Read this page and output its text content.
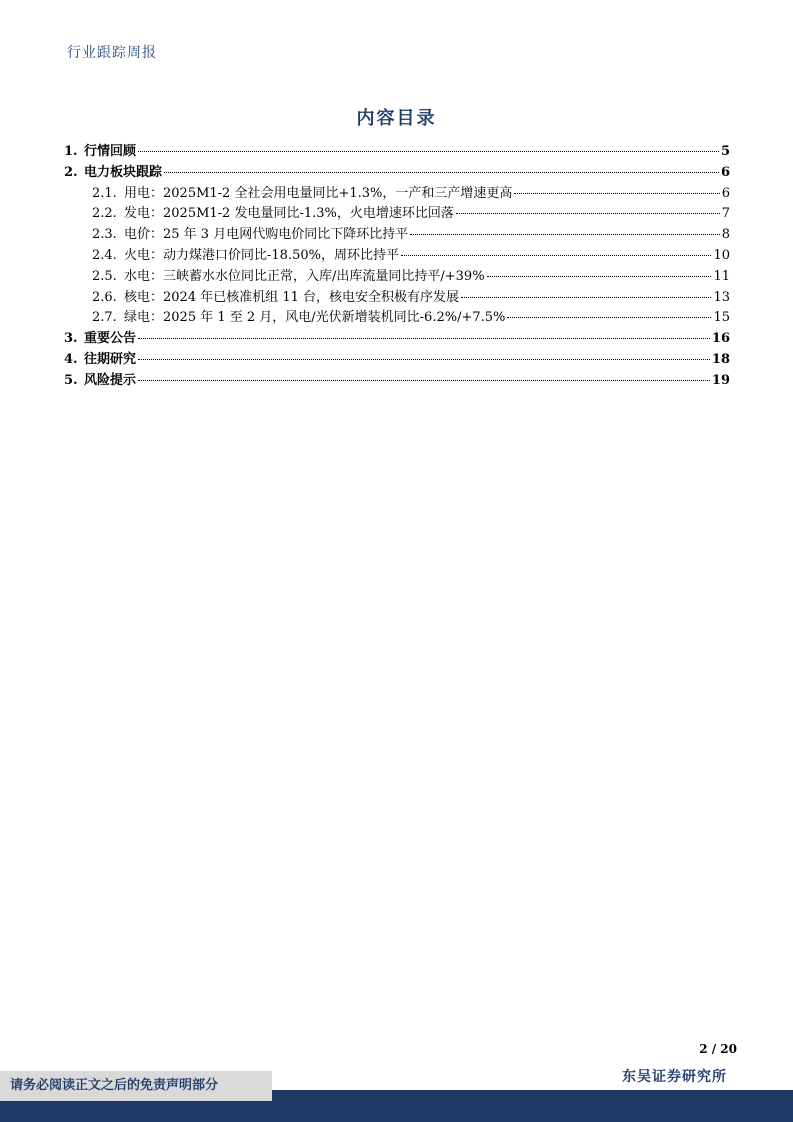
行业跟踪周报
内容目录
1. 行情回顾	5
2. 电力板块跟踪	6
2.1. 用电：2025M1-2 全社会用电量同比+1.3%，一产和三产增速更高	6
2.2. 发电：2025M1-2 发电量同比-1.3%，火电增速环比回落	7
2.3. 电价：25 年 3 月电网代购电价同比下降环比持平	8
2.4. 火电：动力煤港口价同比-18.50%，周环比持平	10
2.5. 水电：三峡蓄水水位同比正常，入库/出库流量同比持平/+39%	11
2.6. 核电：2024 年已核准机组 11 台，核电安全积极有序发展	13
2.7. 绿电：2025 年 1 至 2 月，风电/光伏新增装机同比-6.2%/+7.5%	15
3. 重要公告	16
4. 往期研究	18
5. 风险提示	19
2 / 20
请务必阅读正文之后的免责声明部分
东吴证券研究所
